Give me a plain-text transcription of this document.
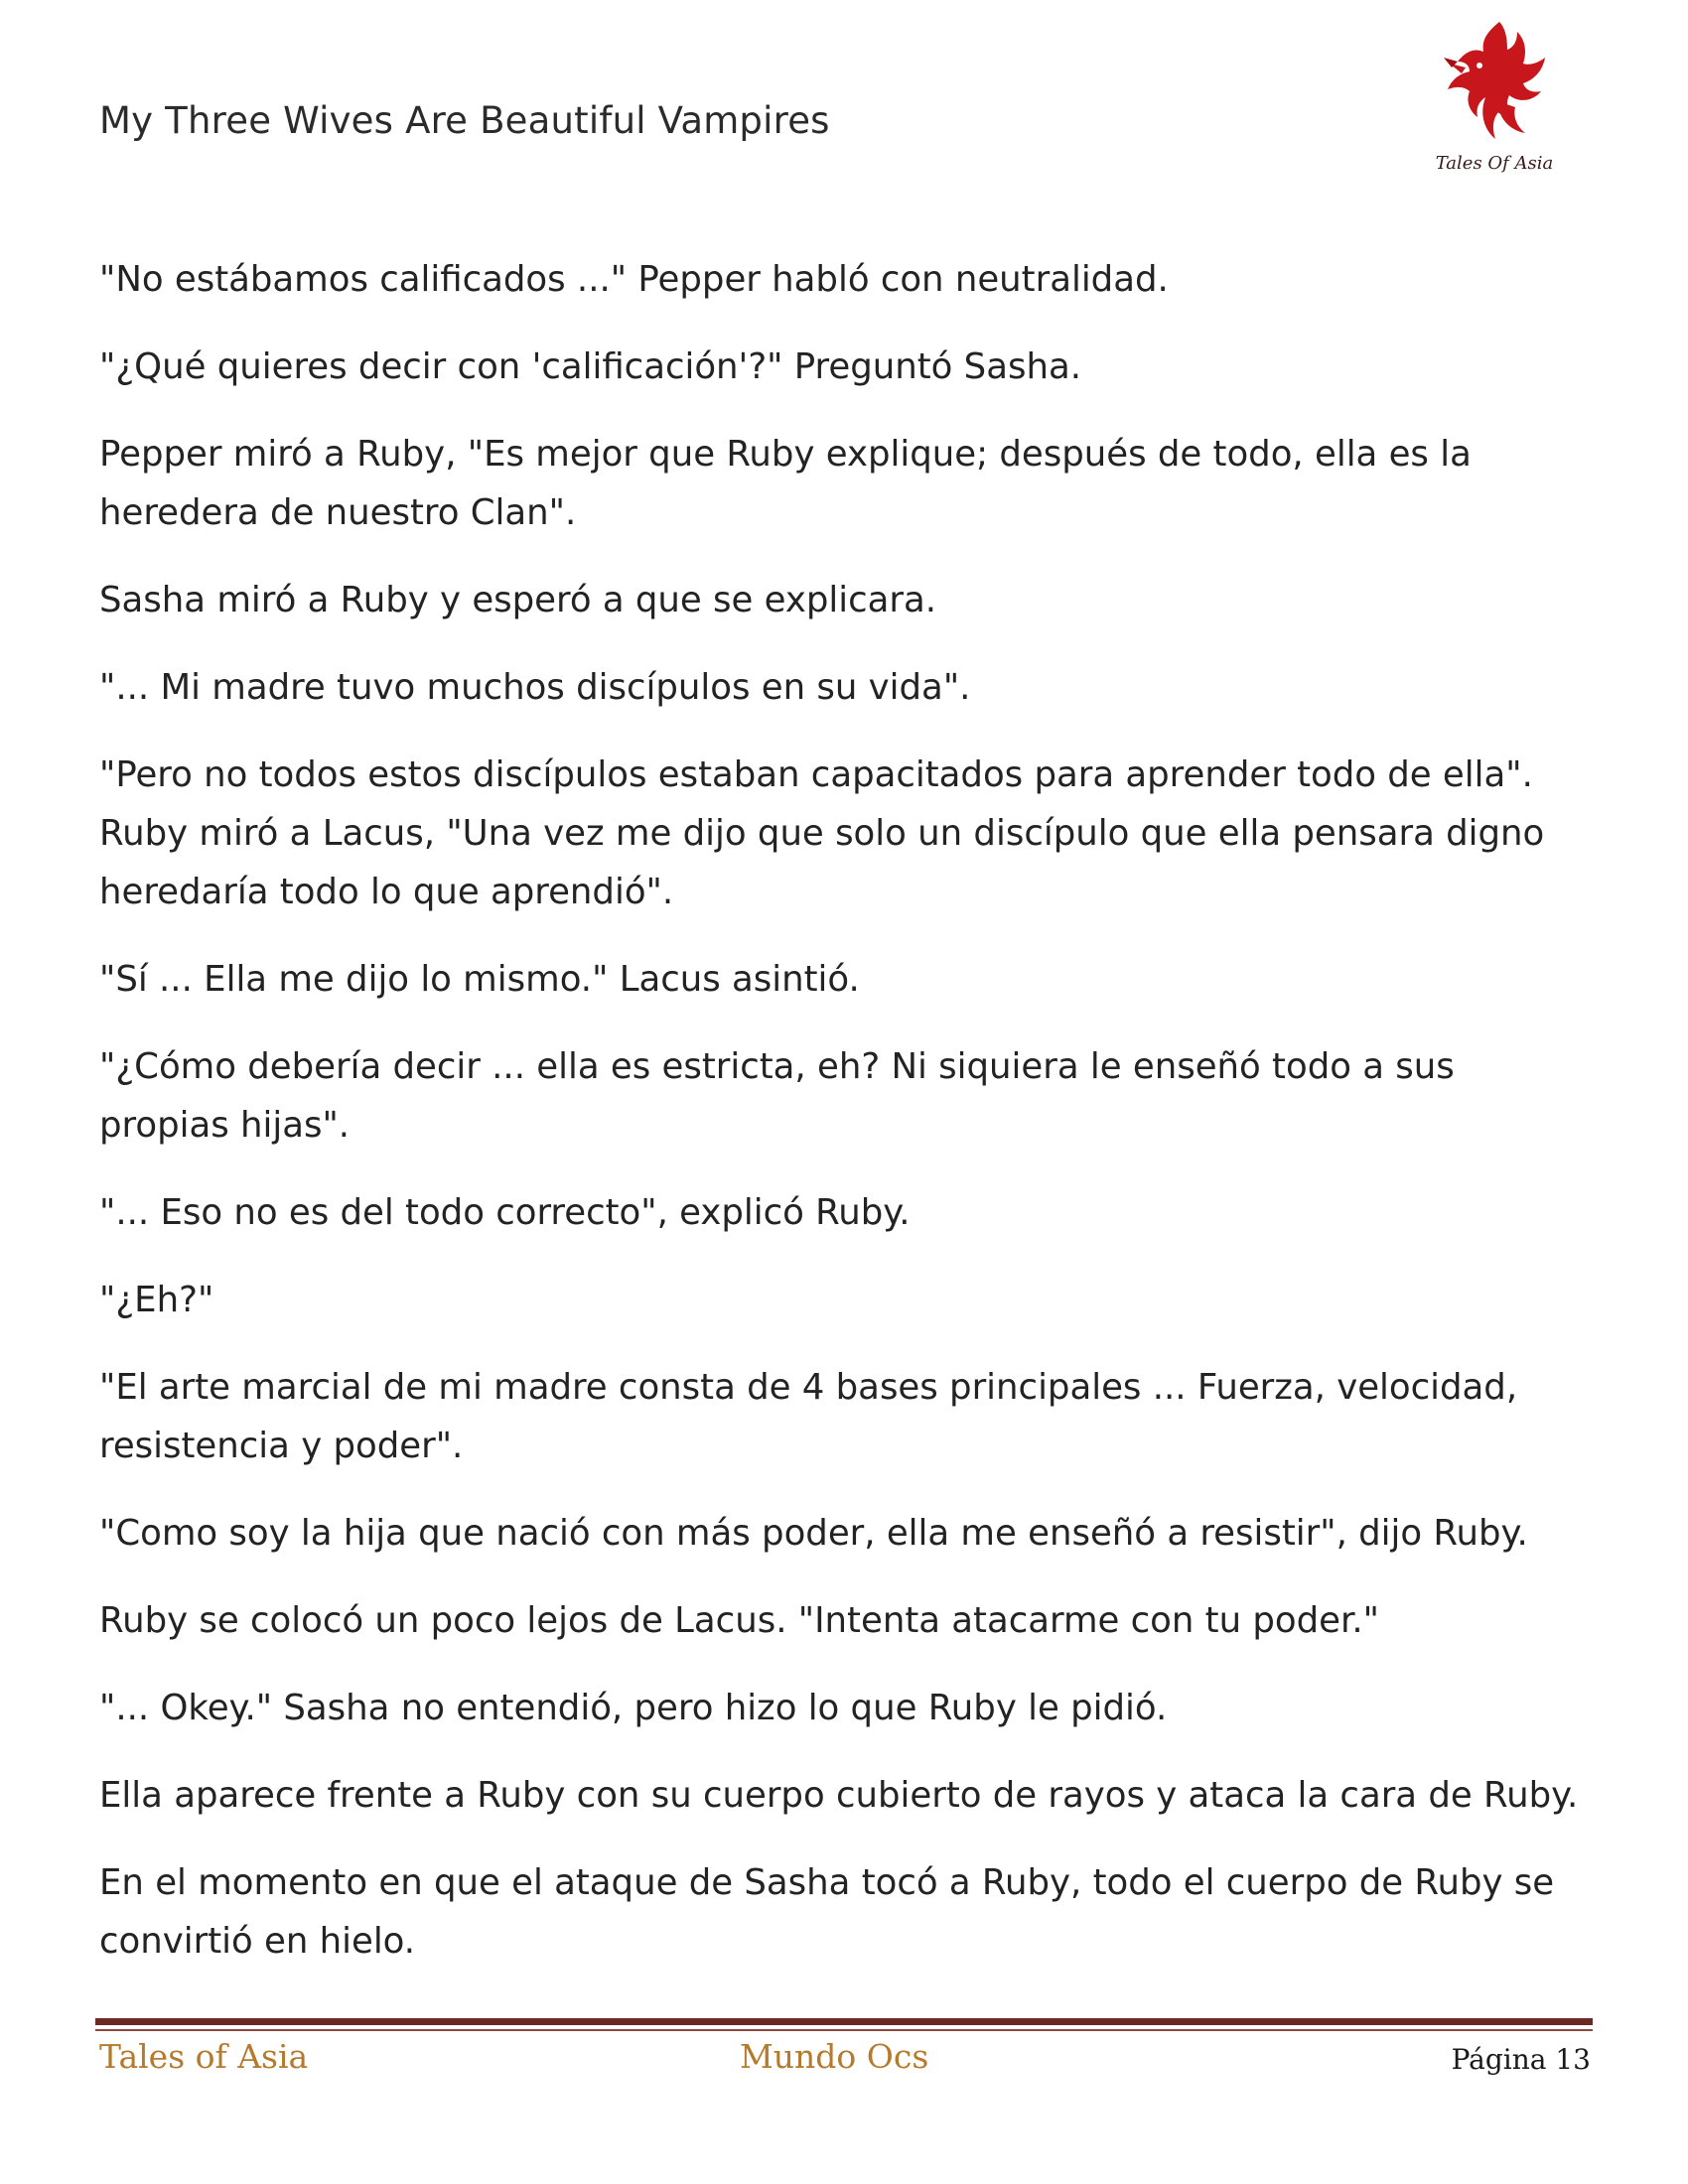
My Three Wives Are Beautiful Vampires
Tales Of Asia

"No estábamos calificados ..." Pepper habló con neutralidad.

"¿Qué quieres decir con 'calificación'?" Preguntó Sasha.

Pepper miró a Ruby, "Es mejor que Ruby explique; después de todo, ella es la heredera de nuestro Clan".

Sasha miró a Ruby y esperó a que se explicara.

"... Mi madre tuvo muchos discípulos en su vida".

"Pero no todos estos discípulos estaban capacitados para aprender todo de ella". Ruby miró a Lacus, "Una vez me dijo que solo un discípulo que ella pensara digno heredaría todo lo que aprendió".

"Sí ... Ella me dijo lo mismo." Lacus asintió.

"¿Cómo debería decir ... ella es estricta, eh? Ni siquiera le enseñó todo a sus propias hijas".

"... Eso no es del todo correcto", explicó Ruby.

"¿Eh?"

"El arte marcial de mi madre consta de 4 bases principales ... Fuerza, velocidad, resistencia y poder".

"Como soy la hija que nació con más poder, ella me enseñó a resistir", dijo Ruby.

Ruby se colocó un poco lejos de Lacus. "Intenta atacarme con tu poder."

"... Okey." Sasha no entendió, pero hizo lo que Ruby le pidió.

Ella aparece frente a Ruby con su cuerpo cubierto de rayos y ataca la cara de Ruby.

En el momento en que el ataque de Sasha tocó a Ruby, todo el cuerpo de Ruby se convirtió en hielo.

Tales of Asia	Mundo Ocs	Página 13
